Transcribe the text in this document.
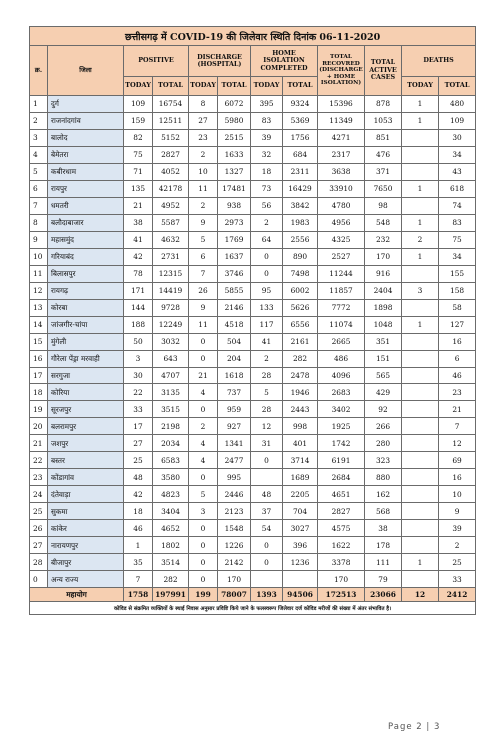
छत्तीसगढ़ में COVID-19 की जिलेवार स्थिति दिनांक 06-11-2020											
क्र.	जिला	POSITIVE		DISCHARGE (HOSPITAL)		HOME ISOLATION COMPLETED		TOTAL RECOVRED (DISCHARGE + HOME ISOLATION)	TOTAL ACTIVE CASES	DEATHS	
		TODAY	TOTAL	TODAY	TOTAL	TODAY	TOTAL			TODAY	TOTAL
1	दुर्ग	109	16754	8	6072	395	9324	15396	878	1	480
2	राजनांदगांव	159	12511	27	5980	83	5369	11349	1053	1	109
3	बालोद	82	5152	23	2515	39	1756	4271	851		30
4	बेमेतरा	75	2827	2	1633	32	684	2317	476		34
5	कबीरधाम	71	4052	10	1327	18	2311	3638	371		43
6	रायपुर	135	42178	11	17481	73	16429	33910	7650	1	618
7	धमतरी	21	4952	2	938	56	3842	4780	98		74
8	बलौदाबाजार	38	5587	9	2973	2	1983	4956	548	1	83
9	महासमुंद	41	4632	5	1769	64	2556	4325	232	2	75
10	गरियाबंद	42	2731	6	1637	0	890	2527	170	1	34
11	बिलासपुर	78	12315	7	3746	0	7498	11244	916		155
12	रायगढ़	171	14419	26	5855	95	6002	11857	2404	3	158
13	कोरबा	144	9728	9	2146	133	5626	7772	1898		58
14	जांजगीर-चांपा	188	12249	11	4518	117	6556	11074	1048	1	127
15	मुंगेली	50	3032	0	504	41	2161	2665	351		16
16	गौरेला पेंड्रा मरवाही	3	643	0	204	2	282	486	151		6
17	सरगुजा	30	4707	21	1618	28	2478	4096	565		46
18	कोरिया	22	3135	4	737	5	1946	2683	429		23
19	सूरजपुर	33	3515	0	959	28	2443	3402	92		21
20	बलरामपुर	17	2198	2	927	12	998	1925	266		7
21	जशपुर	27	2034	4	1341	31	401	1742	280		12
22	बस्तर	25	6583	4	2477	0	3714	6191	323		69
23	कोंडागांव	48	3580	0	995		1689	2684	880		16
24	दंतेवाड़ा	42	4823	5	2446	48	2205	4651	162		10
25	सुकमा	18	3404	3	2123	37	704	2827	568		9
26	कांकेर	46	4652	0	1548	54	3027	4575	38		39
27	नारायणपुर	1	1802	0	1226	0	396	1622	178		2
28	बीजापुर	35	3514	0	2142	0	1236	3378	111	1	25
0	अन्य राज्य	7	282	0	170			170	79		33
महायोग		1758	197991	199	78007	1393	94506	172513	23066	12	2412
कोविड से संक्रमित व्यक्तियों के स्थाई निवास अनुसार प्रविष्टि किये जाने के फलस्वरूप जिलेवार दर्ज कोविड मरीजों की संख्या में अंतर संभावित है।											
Page 2 | 3
